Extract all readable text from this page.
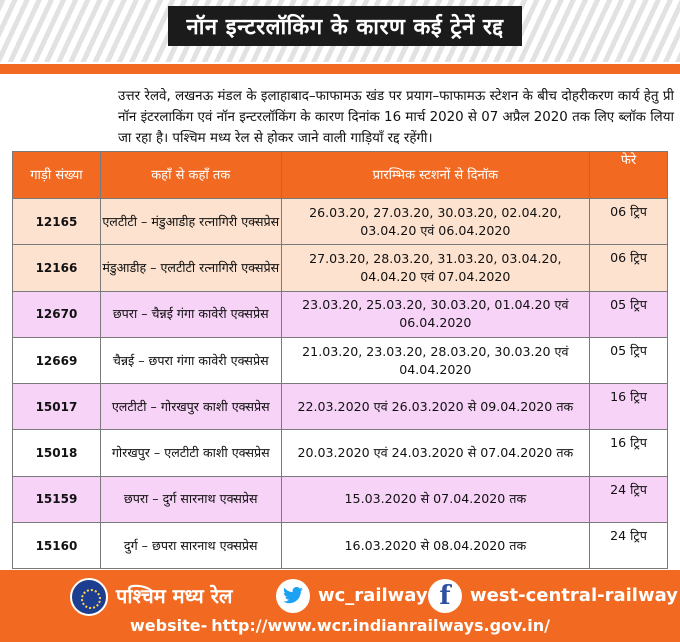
नॉन इन्टरलॉकिंग के कारण कई ट्रेनें रद्द

उत्तर रेलवे, लखनऊ मंडल के इलाहाबाद–फाफामऊ खंड पर प्रयाग–फाफामऊ स्टेशन के बीच दोहरीकरण कार्य हेतु प्री नॉन इंटरलाकिंग एवं नॉन इन्टरलॉकिंग के कारण दिनांक 16 मार्च 2020 से 07 अप्रैल 2020 तक लिए ब्लॉक लिया जा रहा है। पश्चिम मध्य रेल से होकर जाने वाली गाड़ियॉं रद्द रहेंगी।

गाड़ी संख्या	कहाँ से कहाँ तक	प्रारम्भिक स्टशनों से दिनॉक	फेरे
12165	एलटीटी – मंडुआडीह रत्नागिरी एक्सप्रेस	26.03.20, 27.03.20, 30.03.20, 02.04.20, 03.04.20 एवं 06.04.2020	06 ट्रिप
12166	मंडुआडीह – एलटीटी रत्नागिरी एक्सप्रेस	27.03.20, 28.03.20, 31.03.20, 03.04.20, 04.04.20 एवं 07.04.2020	06 ट्रिप
12670	छपरा – चैन्नई गंगा कावेरी एक्सप्रेस	23.03.20, 25.03.20, 30.03.20, 01.04.20 एवं 06.04.2020	05 ट्रिप
12669	चैन्नई – छपरा गंगा कावेरी एक्सप्रेस	21.03.20, 23.03.20, 28.03.20, 30.03.20 एवं 04.04.2020	05 ट्रिप
15017	एलटीटी – गोरखपुर काशी एक्सप्रेस	22.03.2020 एवं 26.03.2020 से 09.04.2020 तक	16 ट्रिप
15018	गोरखपुर – एलटीटी काशी एक्सप्रेस	20.03.2020 एवं 24.03.2020 से 07.04.2020 तक	16 ट्रिप
15159	छपरा – दुर्ग सारनाथ एक्सप्रेस	15.03.2020 से 07.04.2020 तक	24 ट्रिप
15160	दुर्ग – छपरा सारनाथ एक्सप्रेस	16.03.2020 से 08.04.2020 तक	24 ट्रिप
पश्चिम मध्य रेल	wc_railway f west-central-railway
website- http://www.wcr.indianrailways.gov.in/
